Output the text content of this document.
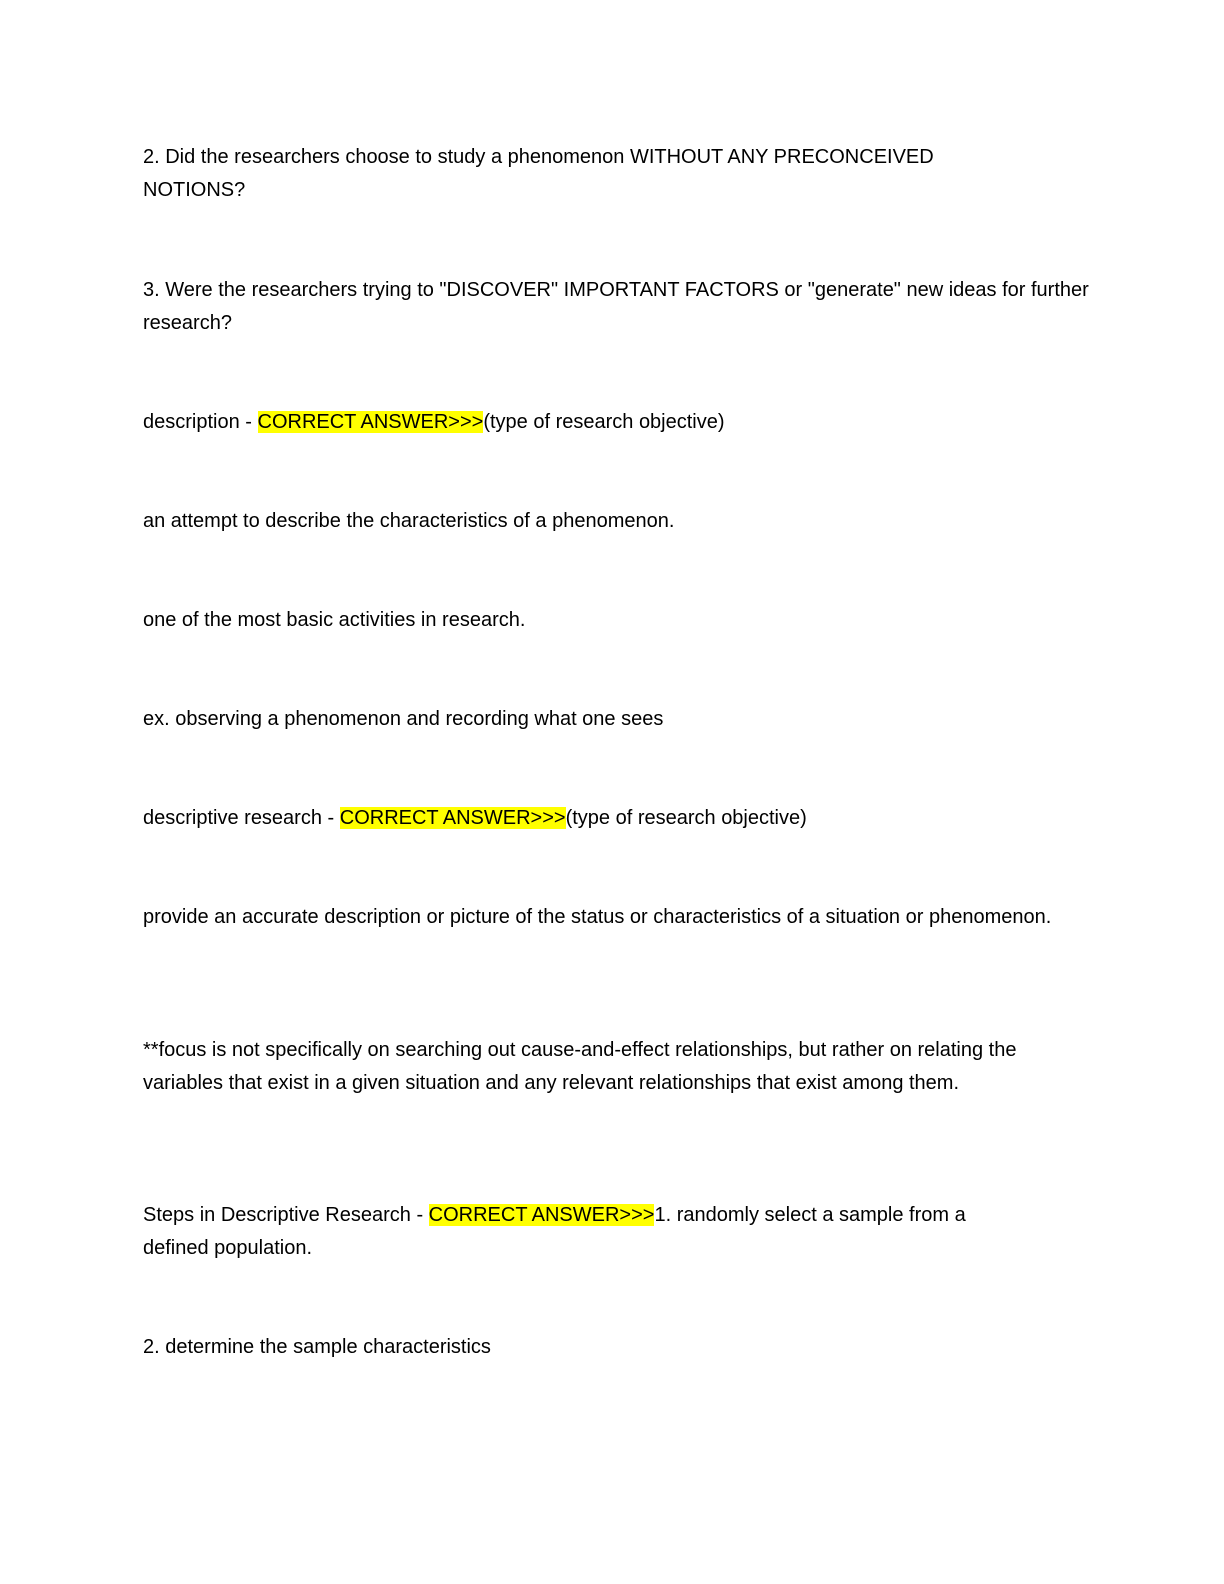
2. Did the researchers choose to study a phenomenon WITHOUT ANY PRECONCEIVED NOTIONS?

3. Were the researchers trying to "DISCOVER" IMPORTANT FACTORS or "generate" new ideas for further research?

description - CORRECT ANSWER>>>(type of research objective)

an attempt to describe the characteristics of a phenomenon.

one of the most basic activities in research.

ex. observing a phenomenon and recording what one sees

descriptive research - CORRECT ANSWER>>>(type of research objective)

provide an accurate description or picture of the status or characteristics of a situation or phenomenon.

**focus is not specifically on searching out cause-and-effect relationships, but rather on relating the variables that exist in a given situation and any relevant relationships that exist among them.

Steps in Descriptive Research - CORRECT ANSWER>>>1. randomly select a sample from a defined population.

2. determine the sample characteristics
